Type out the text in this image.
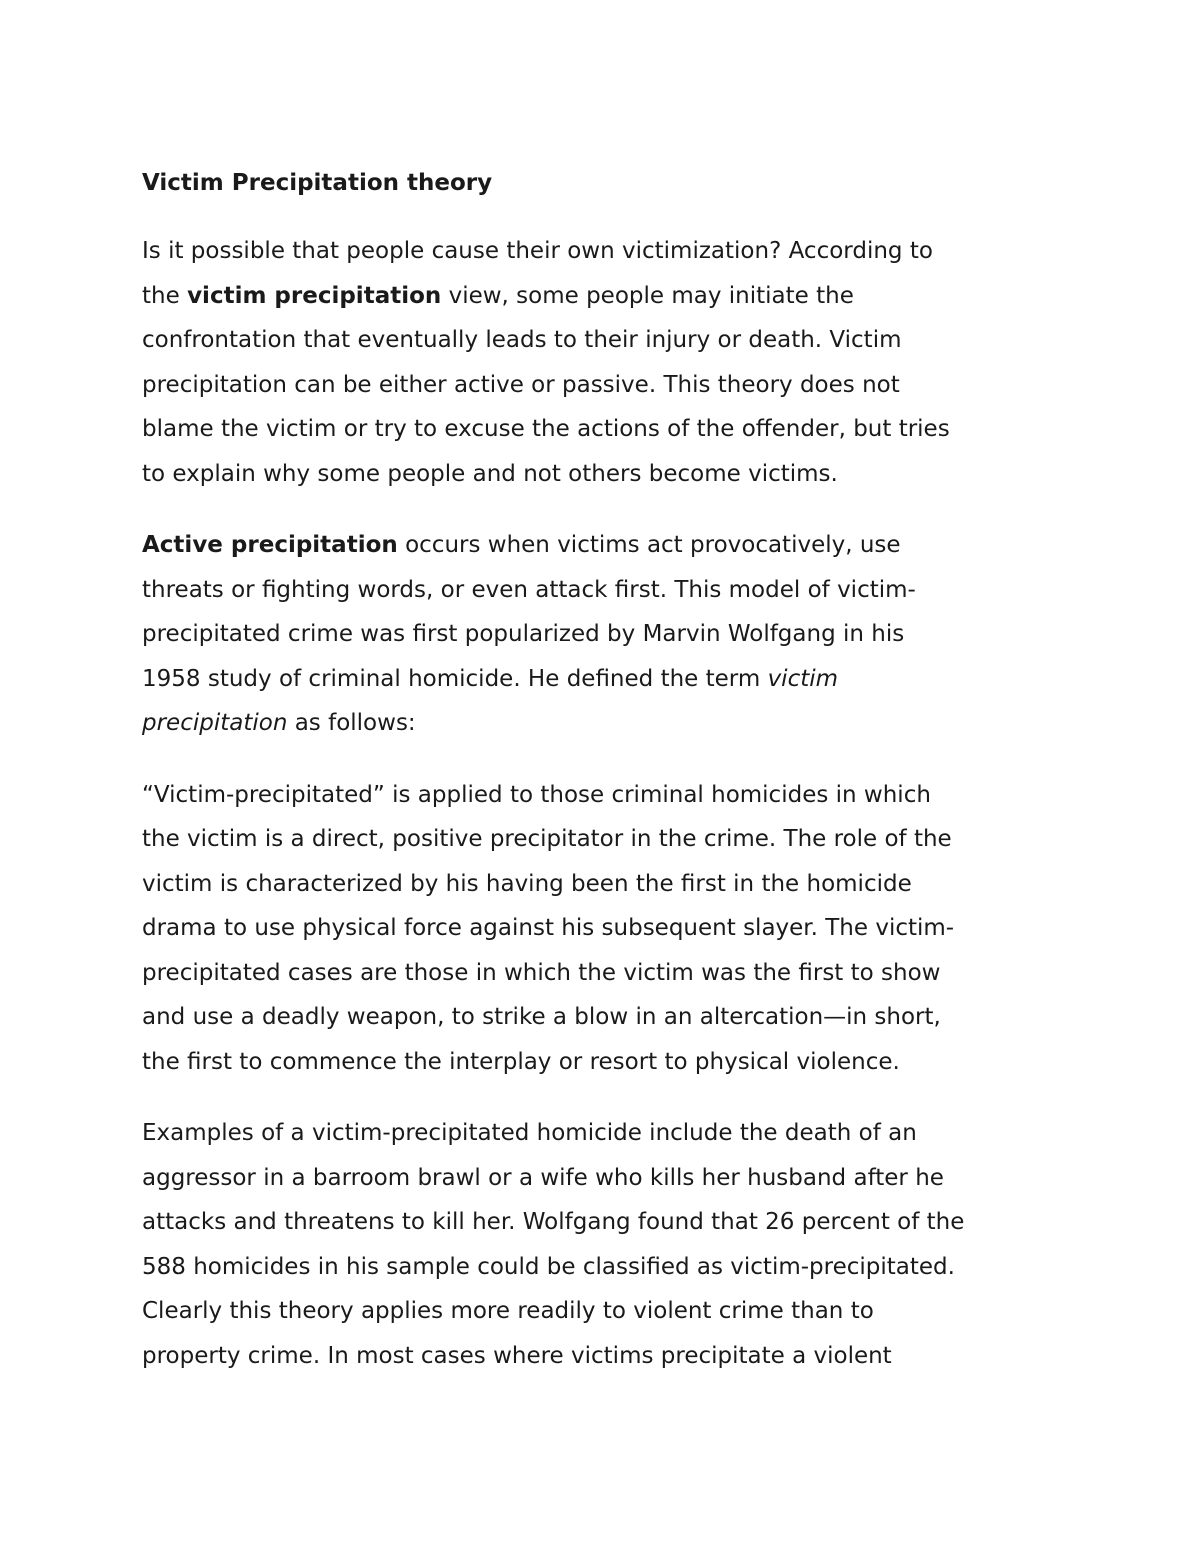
Victim Precipitation theory
Is it possible that people cause their own victimization? According to
the victim precipitation view, some people may initiate the
confrontation that eventually leads to their injury or death. Victim
precipitation can be either active or passive. This theory does not
blame the victim or try to excuse the actions of the offender, but tries
to explain why some people and not others become victims.
Active precipitation occurs when victims act provocatively, use
threats or fighting words, or even attack first. This model of victim-
precipitated crime was first popularized by Marvin Wolfgang in his
1958 study of criminal homicide. He defined the term victim
precipitation as follows:
“Victim-precipitated” is applied to those criminal homicides in which
the victim is a direct, positive precipitator in the crime. The role of the
victim is characterized by his having been the first in the homicide
drama to use physical force against his subsequent slayer. The victim-
precipitated cases are those in which the victim was the first to show
and use a deadly weapon, to strike a blow in an altercation—in short,
the first to commence the interplay or resort to physical violence.
Examples of a victim-precipitated homicide include the death of an
aggressor in a barroom brawl or a wife who kills her husband after he
attacks and threatens to kill her. Wolfgang found that 26 percent of the
588 homicides in his sample could be classified as victim-precipitated.
Clearly this theory applies more readily to violent crime than to
property crime. In most cases where victims precipitate a violent
